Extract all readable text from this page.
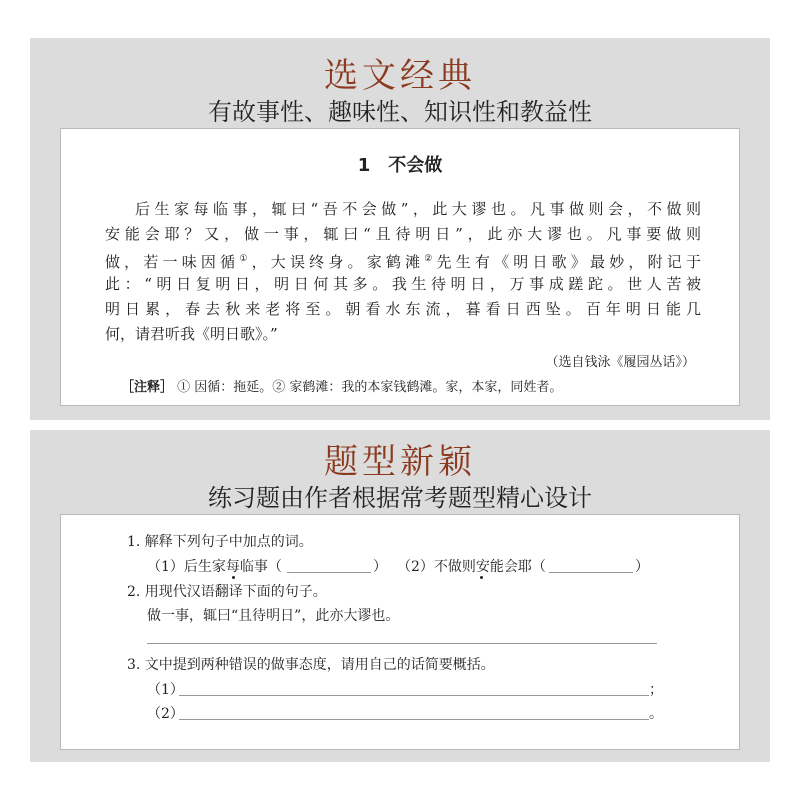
选文经典
有故事性、趣味性、知识性和教益性
1　不会做
后生家每临事，辄曰“吾不会做”，此大谬也。凡事做则会，不做则
安能会耶？又，做一事，辄曰“且待明日”，此亦大谬也。凡事要做则
做，若一味因循①，大误终身。家鹤滩②先生有《明日歌》最妙，附记于
此：“明日复明日，明日何其多。我生待明日，万事成蹉跎。世人苦被
明日累，春去秋来老将至。朝看水东流，暮看日西坠。百年明日能几
何，请君听我《明日歌》。”
（选自钱泳《履园丛话》）
［注释］ ① 因循：拖延。② 家鹤滩：我的本家钱鹤滩。家，本家，同姓者。
题型新颖
练习题由作者根据常考题型精心设计
1. 解释下列句子中加点的词。
（1）后生家每临事（	） （2）不做则安能会耶（	）
2. 用现代汉语翻译下面的句子。
做一事，辄曰“且待明日”，此亦大谬也。
3. 文中提到两种错误的做事态度，请用自己的话简要概括。
（1）	；
（2）	。
